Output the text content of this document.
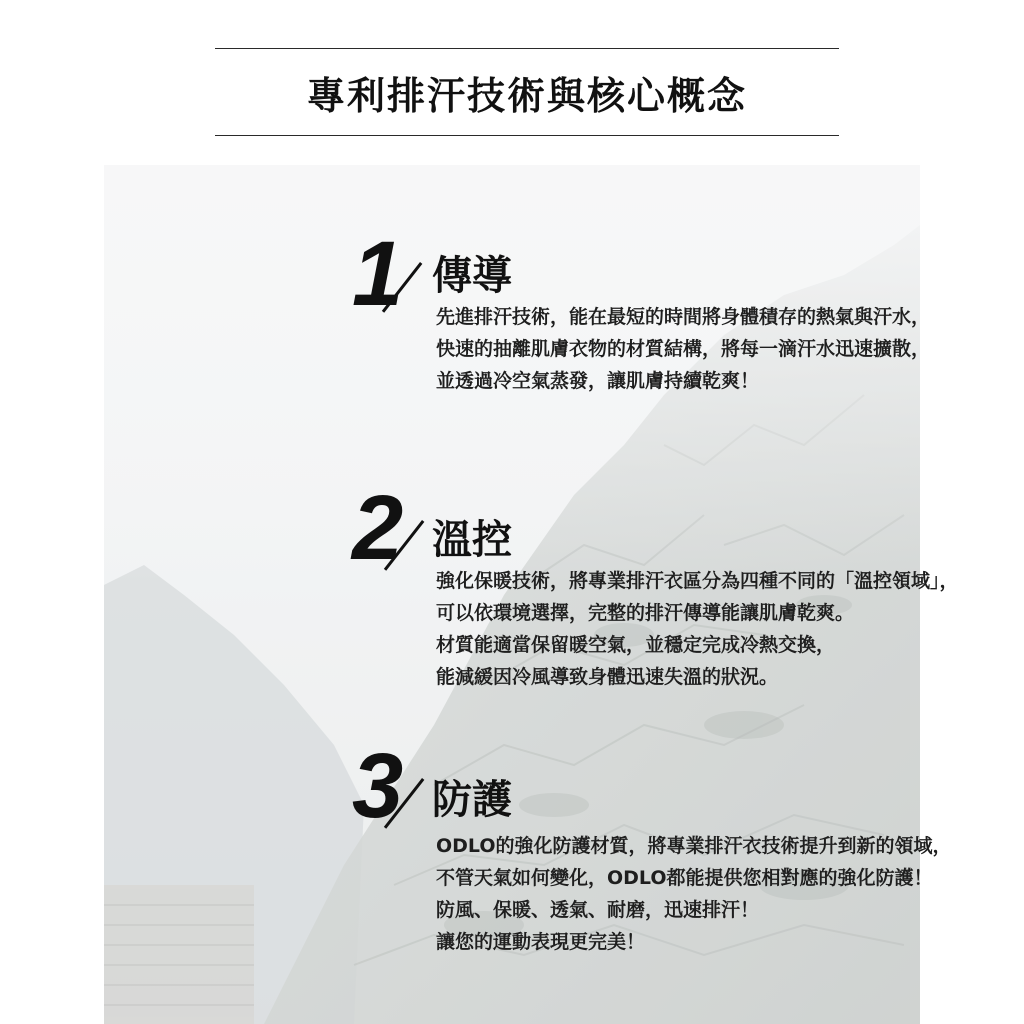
專利排汗技術與核心概念
1 傳導
先進排汗技術，能在最短的時間將身體積存的熱氣與汗水，
快速的抽離肌膚衣物的材質結構，將每一滴汗水迅速擴散，
並透過冷空氣蒸發，讓肌膚持續乾爽！
2 溫控
強化保暖技術，將專業排汗衣區分為四種不同的「溫控領域」，
可以依環境選擇，完整的排汗傳導能讓肌膚乾爽。
材質能適當保留暖空氣，並穩定完成冷熱交換，
能減緩因冷風導致身體迅速失溫的狀況。
3 防護
ODLO的強化防護材質，將專業排汗衣技術提升到新的領域，
不管天氣如何變化，ODLO都能提供您相對應的強化防護！
防風、保暖、透氣、耐磨，迅速排汗！
讓您的運動表現更完美！
